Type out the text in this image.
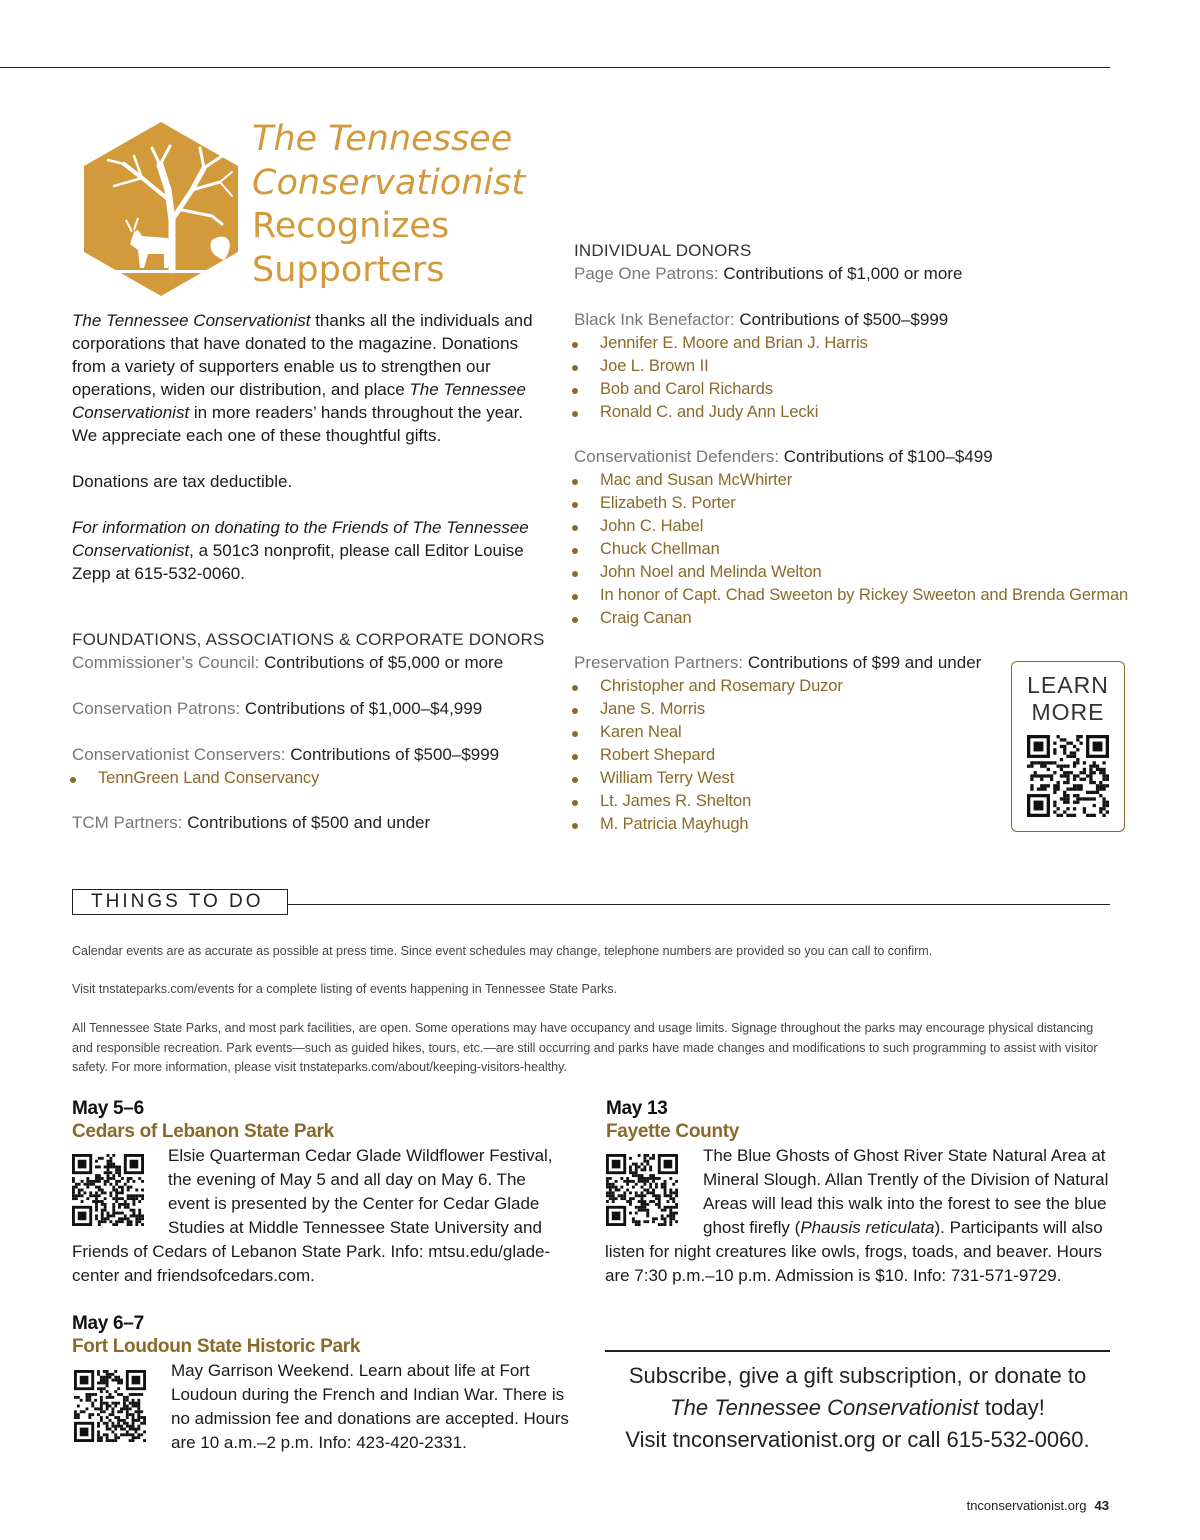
The Tennessee
Conservationist
Recognizes
Supporters

The Tennessee Conservationist thanks all the individuals and corporations that have donated to the magazine. Donations from a variety of supporters enable us to strengthen our operations, widen our distribution, and place The Tennessee Conservationist in more readers’ hands throughout the year. We appreciate each one of these thoughtful gifts.

Donations are tax deductible.

For information on donating to the Friends of The Tennessee Conservationist, a 501c3 nonprofit, please call Editor Louise Zepp at 615-532-0060.

FOUNDATIONS, ASSOCIATIONS & CORPORATE DONORS
Commissioner’s Council: Contributions of $5,000 or more
Conservation Patrons: Contributions of $1,000–$4,999
Conservationist Conservers: Contributions of $500–$999
TennGreen Land Conservancy
TCM Partners: Contributions of $500 and under
INDIVIDUAL DONORS
Page One Patrons: Contributions of $1,000 or more
Black Ink Benefactor: Contributions of $500–$999
Jennifer E. Moore and Brian J. Harris
Joe L. Brown II
Bob and Carol Richards
Ronald C. and Judy Ann Lecki
Conservationist Defenders: Contributions of $100–$499
Mac and Susan McWhirter
Elizabeth S. Porter
John C. Habel
Chuck Chellman
John Noel and Melinda Welton
In honor of Capt. Chad Sweeton by Rickey Sweeton and Brenda German
Craig Canan
Preservation Partners: Contributions of $99 and under
Christopher and Rosemary Duzor
Jane S. Morris
Karen Neal
Robert Shepard
William Terry West
Lt. James R. Shelton
M. Patricia Mayhugh
LEARN
MORE
THINGS TO DO
Calendar events are as accurate as possible at press time. Since event schedules may change, telephone numbers are provided so you can call to confirm.
Visit tnstateparks.com/events for a complete listing of events happening in Tennessee State Parks.
All Tennessee State Parks, and most park facilities, are open. Some operations may have occupancy and usage limits. Signage throughout the parks may encourage physical distancing and responsible recreation. Park events—such as guided hikes, tours, etc.—are still occurring and parks have made changes and modifications to such programming to assist with visitor safety. For more information, please visit tnstateparks.com/about/keeping-visitors-healthy.
May 5–6
Cedars of Lebanon State Park
Elsie Quarterman Cedar Glade Wildflower Festival, the evening of May 5 and all day on May 6. The event is presented by the Center for Cedar Glade Studies at Middle Tennessee State University and Friends of Cedars of Lebanon State Park. Info: mtsu.edu/glade-center and friendsofcedars.com.
May 6–7
Fort Loudoun State Historic Park
May Garrison Weekend. Learn about life at Fort Loudoun during the French and Indian War. There is no admission fee and donations are accepted. Hours are 10 a.m.–2 p.m. Info: 423-420-2331.
May 13
Fayette County
The Blue Ghosts of Ghost River State Natural Area at Mineral Slough. Allan Trently of the Division of Natural Areas will lead this walk into the forest to see the blue ghost firefly (Phausis reticulata). Participants will also listen for night creatures like owls, frogs, toads, and beaver. Hours are 7:30 p.m.–10 p.m. Admission is $10. Info: 731-571-9729.
Subscribe, give a gift subscription, or donate to
The Tennessee Conservationist today!
Visit tnconservationist.org or call 615-532-0060.
tnconservationist.org 43
